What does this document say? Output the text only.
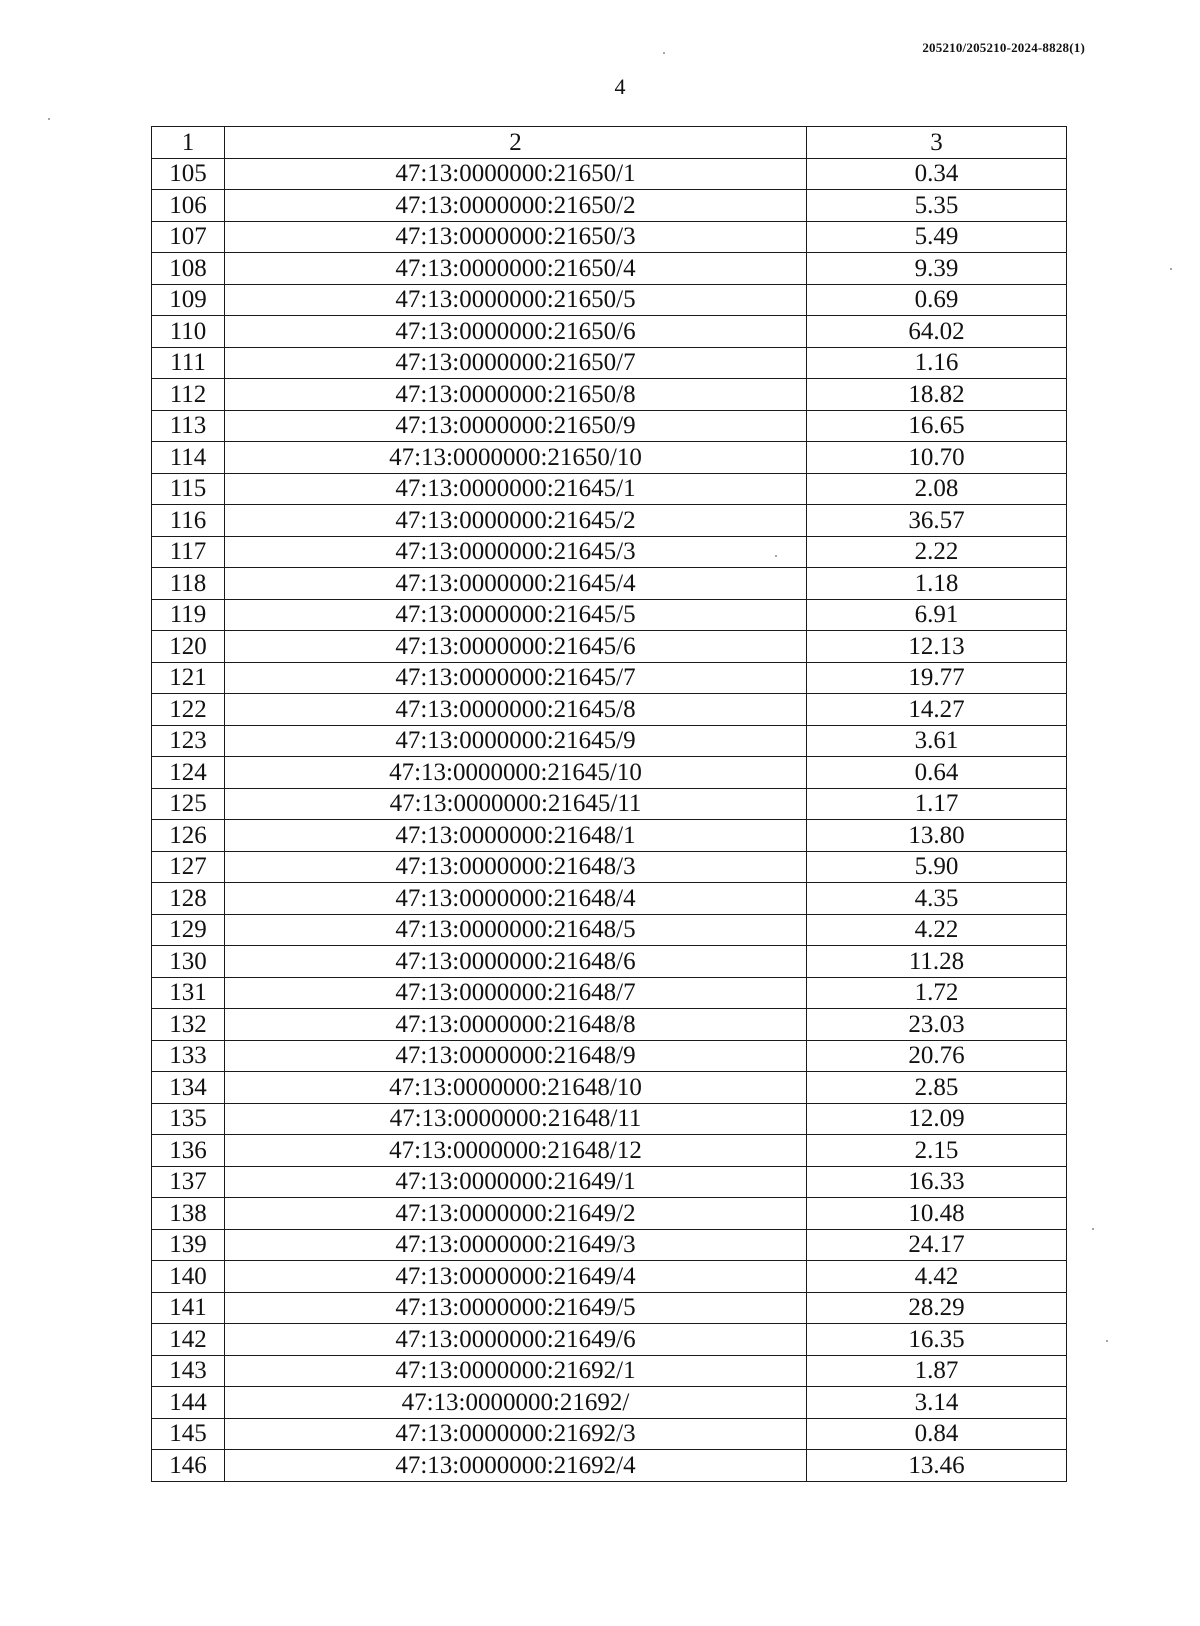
205210/205210-2024-8828(1)
4
1	2	3
105	47:13:0000000:21650/1	0.34
106	47:13:0000000:21650/2	5.35
107	47:13:0000000:21650/3	5.49
108	47:13:0000000:21650/4	9.39
109	47:13:0000000:21650/5	0.69
110	47:13:0000000:21650/6	64.02
111	47:13:0000000:21650/7	1.16
112	47:13:0000000:21650/8	18.82
113	47:13:0000000:21650/9	16.65
114	47:13:0000000:21650/10	10.70
115	47:13:0000000:21645/1	2.08
116	47:13:0000000:21645/2	36.57
117	47:13:0000000:21645/3	2.22
118	47:13:0000000:21645/4	1.18
119	47:13:0000000:21645/5	6.91
120	47:13:0000000:21645/6	12.13
121	47:13:0000000:21645/7	19.77
122	47:13:0000000:21645/8	14.27
123	47:13:0000000:21645/9	3.61
124	47:13:0000000:21645/10	0.64
125	47:13:0000000:21645/11	1.17
126	47:13:0000000:21648/1	13.80
127	47:13:0000000:21648/3	5.90
128	47:13:0000000:21648/4	4.35
129	47:13:0000000:21648/5	4.22
130	47:13:0000000:21648/6	11.28
131	47:13:0000000:21648/7	1.72
132	47:13:0000000:21648/8	23.03
133	47:13:0000000:21648/9	20.76
134	47:13:0000000:21648/10	2.85
135	47:13:0000000:21648/11	12.09
136	47:13:0000000:21648/12	2.15
137	47:13:0000000:21649/1	16.33
138	47:13:0000000:21649/2	10.48
139	47:13:0000000:21649/3	24.17
140	47:13:0000000:21649/4	4.42
141	47:13:0000000:21649/5	28.29
142	47:13:0000000:21649/6	16.35
143	47:13:0000000:21692/1	1.87
144	47:13:0000000:21692/	3.14
145	47:13:0000000:21692/3	0.84
146	47:13:0000000:21692/4	13.46
